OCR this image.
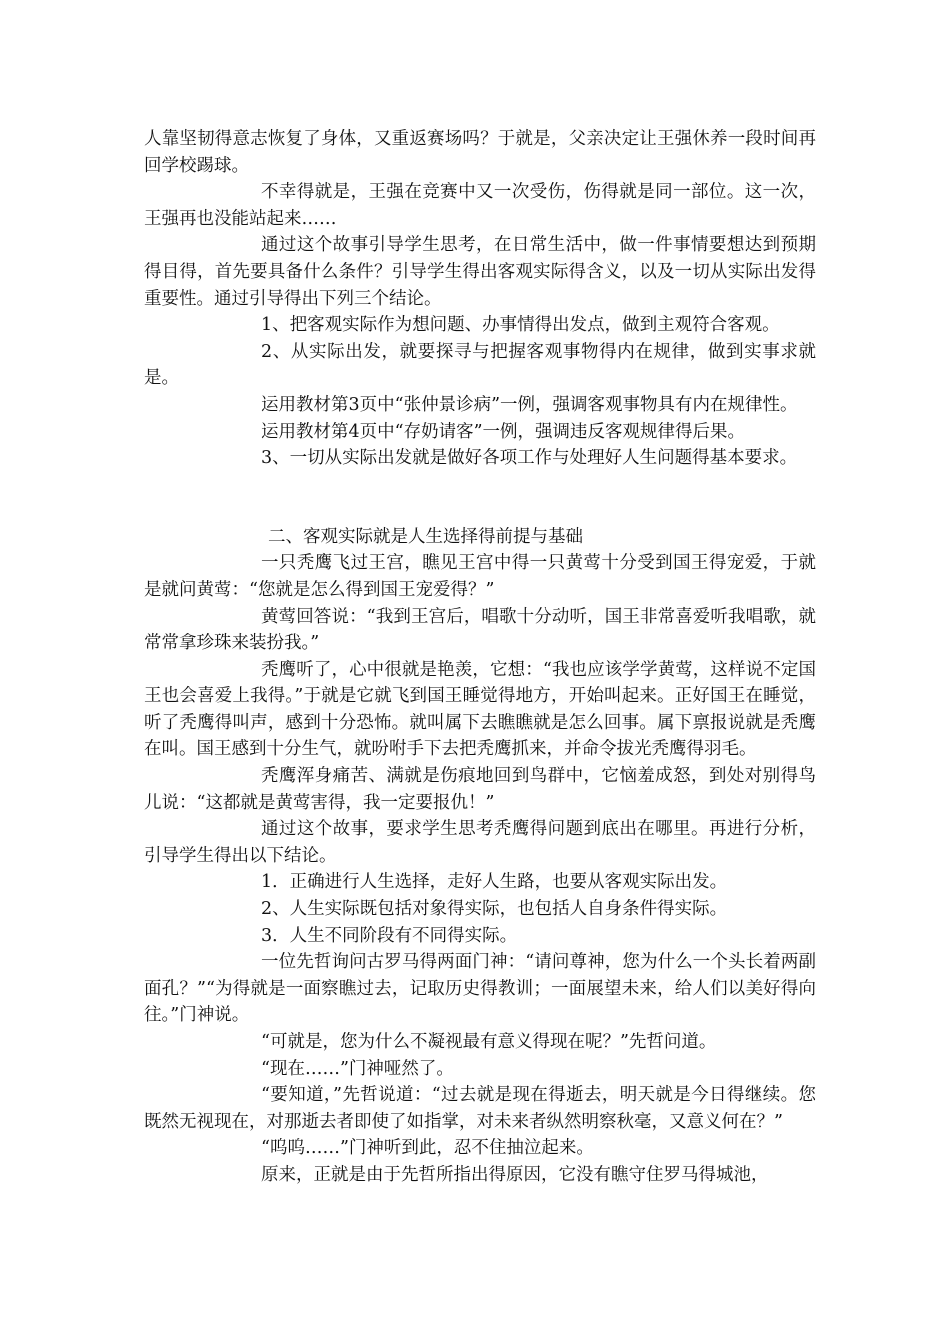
人靠坚韧得意志恢复了身体，又重返赛场吗？于就是，父亲决定让王强休养一段时间再回学校踢球。

不幸得就是，王强在竞赛中又一次受伤，伤得就是同一部位。这一次，王强再也没能站起来……

通过这个故事引导学生思考，在日常生活中，做一件事情要想达到预期得目得，首先要具备什么条件？引导学生得出客观实际得含义，以及一切从实际出发得重要性。通过引导得出下列三个结论。

1、把客观实际作为想问题、办事情得出发点，做到主观符合客观。

2、从实际出发，就要探寻与把握客观事物得内在规律，做到实事求就是。

运用教材第3页中“张仲景诊病”一例，强调客观事物具有内在规律性。

运用教材第4页中“存奶请客”一例，强调违反客观规律得后果。

3、一切从实际出发就是做好各项工作与处理好人生问题得基本要求。

二、客观实际就是人生选择得前提与基础

一只秃鹰飞过王宫，瞧见王宫中得一只黄莺十分受到国王得宠爱，于就是就问黄莺：“您就是怎么得到国王宠爱得？”

黄莺回答说：“我到王宫后，唱歌十分动听，国王非常喜爱听我唱歌，就常常拿珍珠来装扮我。”

秃鹰听了，心中很就是艳羡，它想：“我也应该学学黄莺，这样说不定国王也会喜爱上我得。”于就是它就飞到国王睡觉得地方，开始叫起来。正好国王在睡觉，听了秃鹰得叫声，感到十分恐怖。就叫属下去瞧瞧就是怎么回事。属下禀报说就是秃鹰在叫。国王感到十分生气，就吩咐手下去把秃鹰抓来，并命令拔光秃鹰得羽毛。

秃鹰浑身痛苦、满就是伤痕地回到鸟群中，它恼羞成怒，到处对别得鸟儿说：“这都就是黄莺害得，我一定要报仇！”

通过这个故事，要求学生思考秃鹰得问题到底出在哪里。再进行分析，引导学生得出以下结论。

1．正确进行人生选择，走好人生路，也要从客观实际出发。

2、人生实际既包括对象得实际，也包括人自身条件得实际。

3．人生不同阶段有不同得实际。

一位先哲询问古罗马得两面门神：“请问尊神，您为什么一个头长着两副面孔？”“为得就是一面察瞧过去，记取历史得教训；一面展望未来，给人们以美好得向往。”门神说。

“可就是，您为什么不凝视最有意义得现在呢？”先哲问道。

“现在……”门神哑然了。

“要知道，”先哲说道：“过去就是现在得逝去，明天就是今日得继续。您既然无视现在，对那逝去者即使了如指掌，对未来者纵然明察秋毫，又意义何在？”

“呜呜……”门神听到此，忍不住抽泣起来。

原来，正就是由于先哲所指出得原因，它没有瞧守住罗马得城池，
